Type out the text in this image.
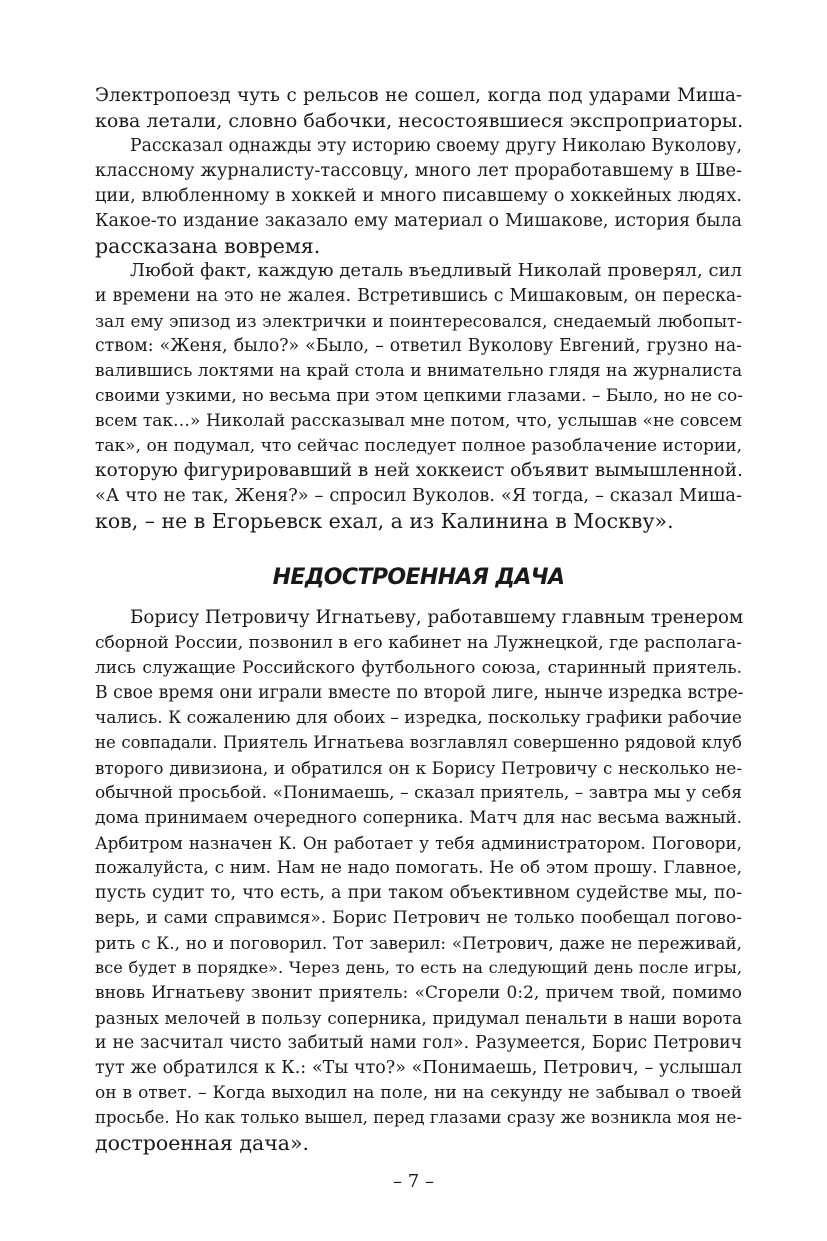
Электропоезд чуть с рельсов не сошел, когда под ударами Миша-

кова летали, словно бабочки, несостоявшиеся экспроприаторы.

Рассказал однажды эту историю своему другу Николаю Вуколову,

классному журналисту-тассовцу, много лет проработавшему в Шве-

ции, влюбленному в хоккей и много писавшему о хоккейных людях.

Какое-то издание заказало ему материал о Мишакове, история была

рассказана вовремя.

Любой факт, каждую деталь въедливый Николай проверял, сил

и времени на это не жалея. Встретившись с Мишаковым, он переска-

зал ему эпизод из электрички и поинтересовался, снедаемый любопыт-

ством: «Женя, было?» «Было, – ответил Вуколову Евгений, грузно на-

валившись локтями на край стола и внимательно глядя на журналиста

своими узкими, но весьма при этом цепкими глазами. – Было, но не со-

всем так…» Николай рассказывал мне потом, что, услышав «не совсем

так», он подумал, что сейчас последует полное разоблачение истории,

которую фигурировавший в ней хоккеист объявит вымышленной.

«А что не так, Женя?» – спросил Вуколов. «Я тогда, – сказал Миша-

ков, – не в Егорьевск ехал, а из Калинина в Москву».

НЕДОСТРОЕННАЯ ДАЧА

Борису Петровичу Игнатьеву, работавшему главным тренером

сборной России, позвонил в его кабинет на Лужнецкой, где располага-

лись служащие Российского футбольного союза, старинный приятель.

В свое время они играли вместе по второй лиге, нынче изредка встре-

чались. К сожалению для обоих – изредка, поскольку графики рабочие

не совпадали. Приятель Игнатьева возглавлял совершенно рядовой клуб

второго дивизиона, и обратился он к Борису Петровичу с несколько не-

обычной просьбой. «Понимаешь, – сказал приятель, – завтра мы у себя

дома принимаем очередного соперника. Матч для нас весьма важный.

Арбитром назначен К. Он работает у тебя администратором. Поговори,

пожалуйста, с ним. Нам не надо помогать. Не об этом прошу. Главное,

пусть судит то, что есть, а при таком объективном судействе мы, по-

верь, и сами справимся». Борис Петрович не только пообещал погово-

рить с К., но и поговорил. Тот заверил: «Петрович, даже не переживай,

все будет в порядке». Через день, то есть на следующий день после игры,

вновь Игнатьеву звонит приятель: «Сгорели 0:2, причем твой, помимо

разных мелочей в пользу соперника, придумал пенальти в наши ворота

и не засчитал чисто забитый нами гол». Разумеется, Борис Петрович

тут же обратился к К.: «Ты что?» «Понимаешь, Петрович, – услышал

он в ответ. – Когда выходил на поле, ни на секунду не забывал о твоей

просьбе. Но как только вышел, перед глазами сразу же возникла моя не-

достроенная дача».

– 7 –
